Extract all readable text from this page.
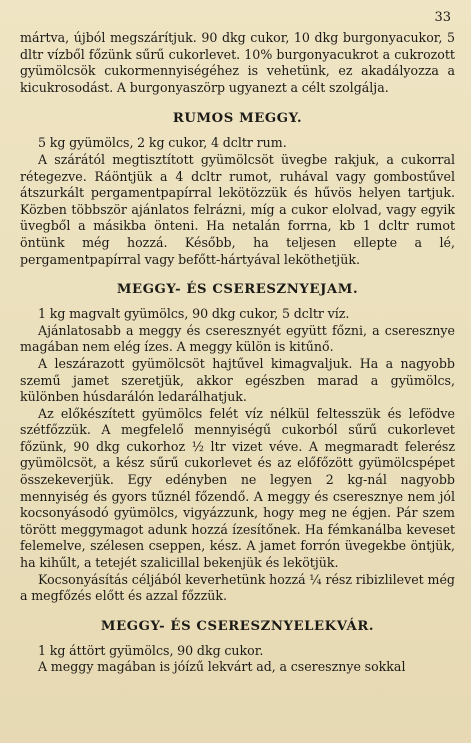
33

mártva, újból megszárítjuk. 90 dkg cukor, 10 dkg burgonyacukor, 5 dltr vízből főzünk sűrű cukorlevet. 10% burgonyacukrot a cukrozott gyümölcsök cukormennyiségéhez is vehetünk, ez akadályozza a kicukrosodást. A burgonyaszörp ugyanezt a célt szolgálja.

RUMOS MEGGY.

5 kg gyümölcs, 2 kg cukor, 4 dcltr rum.

A szárától megtisztított gyümölcsöt üvegbe rakjuk, a cukorral rétegezve. Ráöntjük a 4 dcltr rumot, ruhával vagy gombostűvel átszurkált pergamentpapírral lekötözzük és hűvös helyen tartjuk. Közben többször ajánlatos felrázni, míg a cukor elolvad, vagy egyik üvegből a másikba önteni. Ha netalán forrna, kb 1 dcltr rumot öntünk még hozzá. Később, ha teljesen ellepte a lé, pergamentpapírral vagy befőtt-hártyával leköthetjük.

MEGGY- ÉS CSERESZNYEJAM.

1 kg magvalt gyümölcs, 90 dkg cukor, 5 dcltr víz.

Ajánlatosabb a meggy és cseresznyét együtt főzni, a cseresznye magában nem elég ízes. A meggy külön is kitűnő.

A leszárazott gyümölcsöt hajtűvel kimagvaljuk. Ha a nagyobb szemű jamet szeretjük, akkor egészben marad a gyümölcs, különben húsdarálón ledarálhatjuk.

Az előkészített gyümölcs felét víz nélkül feltesszük és lefödve szétfőzzük. A megfelelő mennyiségű cukorból sűrű cukorlevet főzünk, 90 dkg cukorhoz ½ ltr vizet véve. A megmaradt felerész gyümölcsöt, a kész sűrű cukorlevet és az előfőzött gyümölcspépet összekeverjük. Egy edényben ne legyen 2 kg-nál nagyobb mennyiség és gyors tűznél főzendő. A meggy és cseresznye nem jól kocsonyásodó gyümölcs, vigyázzunk, hogy meg ne égjen. Pár szem törött meggymagot adunk hozzá ízesítőnek. Ha fémkanálba keveset felemelve, szélesen cseppen, kész. A jamet forrón üvegekbe öntjük, ha kihűlt, a tetejét szalicillal bekenjük és lekötjük.

Kocsonyásítás céljából keverhetünk hozzá ¼ rész ribizlilevet még a megfőzés előtt és azzal főzzük.

MEGGY- ÉS CSERESZNYELEKVÁR.

1 kg áttört gyümölcs, 90 dkg cukor.

A meggy magában is jóízű lekvárt ad, a cseresznye sokkal
